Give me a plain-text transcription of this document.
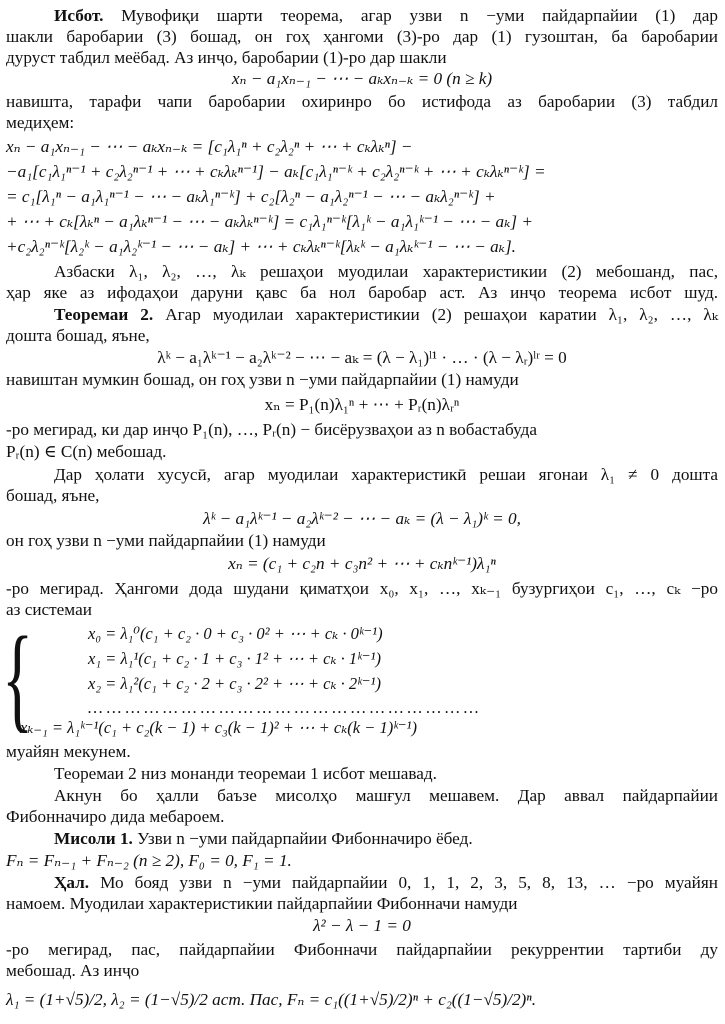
Исбот. Мувофиқи шарти теорема, агар узви n −уми пайдарпайии (1) дар
шакли баробарии (3) бошад, он гоҳ ҳангоми (3)-ро дар (1) гузоштан, ба баробарии
дуруст табдил меёбад. Аз инҷо, баробарии (1)-ро дар шакли
xₙ − a₁xₙ₋₁ − ⋯ − aₖxₙ₋ₖ = 0 (n ≥ k)
навишта, тарафи чапи баробарии охиринро бо истифода аз баробарии (3) табдил
медиҳем:
xₙ − a₁xₙ₋₁ − ⋯ − aₖxₙ₋ₖ = [c₁λ₁ⁿ + c₂λ₂ⁿ + ⋯ + cₖλₖⁿ] −
−a₁[c₁λ₁ⁿ⁻¹ + c₂λ₂ⁿ⁻¹ + ⋯ + cₖλₖⁿ⁻¹] − aₖ[c₁λ₁ⁿ⁻ᵏ + c₂λ₂ⁿ⁻ᵏ + ⋯ + cₖλₖⁿ⁻ᵏ] =
= c₁[λ₁ⁿ − a₁λ₁ⁿ⁻¹ − ⋯ − aₖλ₁ⁿ⁻ᵏ] + c₂[λ₂ⁿ − a₁λ₂ⁿ⁻¹ − ⋯ − aₖλ₂ⁿ⁻ᵏ] +
+ ⋯ + cₖ[λₖⁿ − a₁λₖⁿ⁻¹ − ⋯ − aₖλₖⁿ⁻ᵏ] = c₁λ₁ⁿ⁻ᵏ[λ₁ᵏ − a₁λ₁ᵏ⁻¹ − ⋯ − aₖ] +
+c₂λ₂ⁿ⁻ᵏ[λ₂ᵏ − a₁λ₂ᵏ⁻¹ − ⋯ − aₖ] + ⋯ + cₖλₖⁿ⁻ᵏ[λₖᵏ − a₁λₖᵏ⁻¹ − ⋯ − aₖ].
Азбаски λ₁, λ₂, …, λₖ решаҳои муодилаи характеристикии (2) мебошанд, пас,
ҳар яке аз ифодаҳои даруни қавс ба нол баробар аст. Аз инҷо теорема исбот шуд.
Теоремаи 2. Агар муодилаи характеристикии (2) решаҳои каратии λ₁, λ₂, …, λₖ
дошта бошад, яъне,
λᵏ − a₁λᵏ⁻¹ − a₂λᵏ⁻² − ⋯ − aₖ = (λ − λ₁)ˡ¹ · … · (λ − λᵣ)ˡʳ = 0
навиштан мумкин бошад, он гоҳ узви n −уми пайдарпайии (1) намуди
xₙ = P₁(n)λ₁ⁿ + ⋯ + Pᵣ(n)λᵣⁿ
-ро мегирад, ки дар инҷо P₁(n), …, Pᵣ(n) − бисёрузваҳои аз n вобастабуда
Pᵣ(n) ∈ C(n) мебошад.
Дар ҳолати хусусӣ, агар муодилаи характеристикӣ решаи ягонаи λ₁ ≠ 0 дошта
бошад, яъне,
λᵏ − a₁λᵏ⁻¹ − a₂λᵏ⁻² − ⋯ − aₖ = (λ − λ₁)ᵏ = 0,
он гоҳ узви n −уми пайдарпайии (1) намуди
xₙ = (c₁ + c₂n + c₃n² + ⋯ + cₖnᵏ⁻¹)λ₁ⁿ
-ро мегирад. Ҳангоми дода шудани қиматҳои x₀, x₁, …, xₖ₋₁ бузургиҳои c₁, …, cₖ −ро
аз системаи
{	x₀ = λ₁⁰(c₁ + c₂ · 0 + c₃ · 0² + ⋯ + cₖ · 0ᵏ⁻¹)
x₁ = λ₁¹(c₁ + c₂ · 1 + c₃ · 1² + ⋯ + cₖ · 1ᵏ⁻¹)
x₂ = λ₁²(c₁ + c₂ · 2 + c₃ · 2² + ⋯ + cₖ · 2ᵏ⁻¹)
… … … … … … … … … … … … … … … … … … … … …
xₖ₋₁ = λ₁ᵏ⁻¹(c₁ + c₂(k − 1) + c₃(k − 1)² + ⋯ + cₖ(k − 1)ᵏ⁻¹)
муайян мекунем.
Теоремаи 2 низ монанди теоремаи 1 исбот мешавад.
Акнун бо ҳалли баъзе мисолҳо машғул мешавем. Дар аввал пайдарпайии
Фибонначиро дида мебароем.
Мисоли 1. Узви n −уми пайдарпайии Фибонначиро ёбед.
Fₙ = Fₙ₋₁ + Fₙ₋₂ (n ≥ 2), F₀ = 0, F₁ = 1.
Ҳал. Мо бояд узви n −уми пайдарпайии 0, 1, 1, 2, 3, 5, 8, 13, … −ро муайян
намоем. Муодилаи характеристикии пайдарпайии Фибонначи намуди
λ² − λ − 1 = 0
-ро мегирад, пас, пайдарпайии Фибонначи пайдарпайии рекуррентии тартиби ду
мебошад. Аз инҷо
λ₁ = (1+√5)/2, λ₂ = (1−√5)/2 аст. Пас, Fₙ = c₁((1+√5)/2)ⁿ + c₂((1−√5)/2)ⁿ.
